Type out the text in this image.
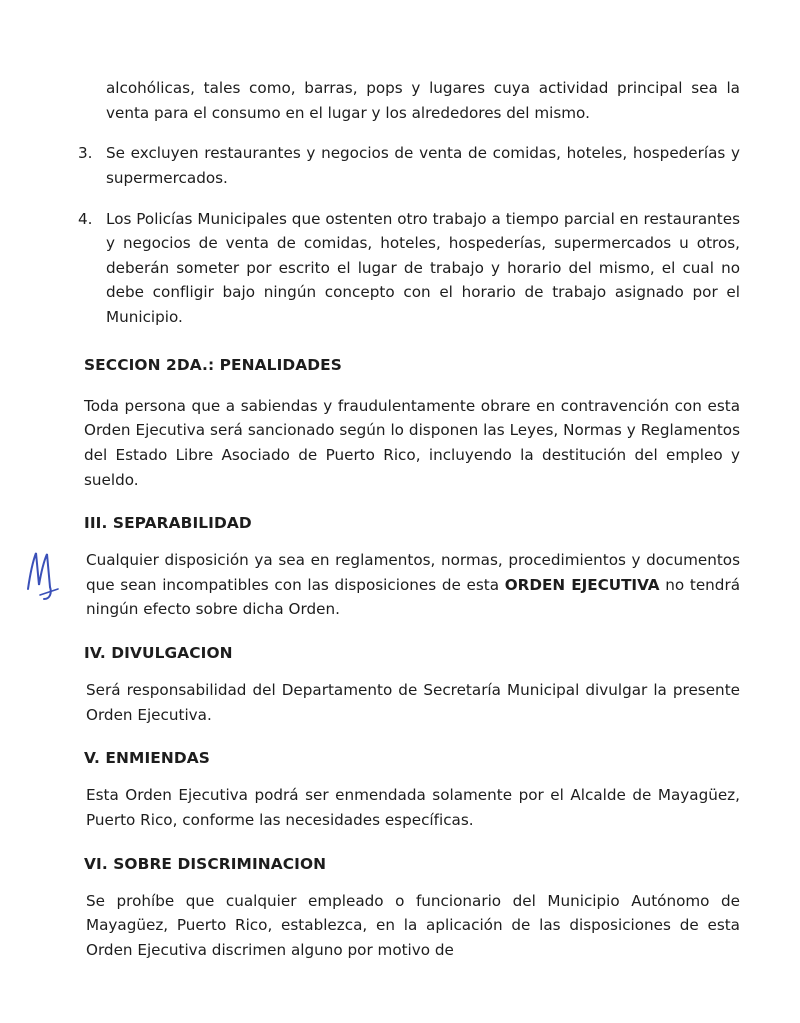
alcohólicas, tales como, barras, pops y lugares cuya actividad principal sea la venta para el consumo en el lugar y los alrededores del mismo.

3. Se excluyen restaurantes y negocios de venta de comidas, hoteles, hospederías y supermercados.
4. Los Policías Municipales que ostenten otro trabajo a tiempo parcial en restaurantes y negocios de venta de comidas, hoteles, hospederías, supermercados u otros, deberán someter por escrito el lugar de trabajo y horario del mismo, el cual no debe confligir bajo ningún concepto con el horario de trabajo asignado por el Municipio.
SECCION 2DA.: PENALIDADES

Toda persona que a sabiendas y fraudulentamente obrare en contravención con esta Orden Ejecutiva será sancionado según lo disponen las Leyes, Normas y Reglamentos del Estado Libre Asociado de Puerto Rico, incluyendo la destitución del empleo y sueldo.

III. SEPARABILIDAD

Cualquier disposición ya sea en reglamentos, normas, procedimientos y documentos que sean incompatibles con las disposiciones de esta ORDEN EJECUTIVA no tendrá ningún efecto sobre dicha Orden.

IV. DIVULGACION

Será responsabilidad del Departamento de Secretaría Municipal divulgar la presente Orden Ejecutiva.

V. ENMIENDAS

Esta Orden Ejecutiva podrá ser enmendada solamente por el Alcalde de Mayagüez, Puerto Rico, conforme las necesidades específicas.

VI. SOBRE DISCRIMINACION

Se prohíbe que cualquier empleado o funcionario del Municipio Autónomo de Mayagüez, Puerto Rico, establezca, en la aplicación de las disposiciones de esta Orden Ejecutiva discrimen alguno por motivo de
